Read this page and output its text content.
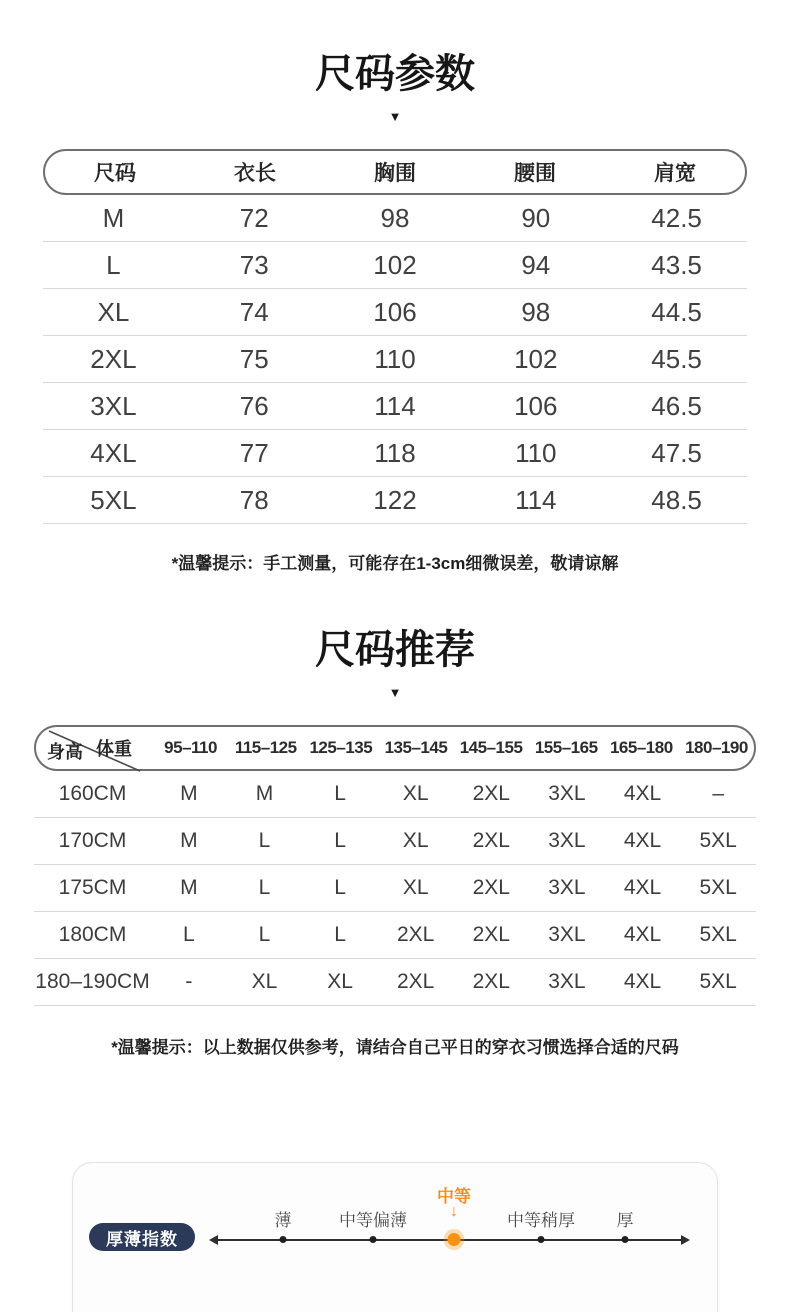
尺码参数
▼
尺码	衣长	胸围	腰围	肩宽
M	72	98	90	42.5
L	73	102	94	43.5
XL	74	106	98	44.5
2XL	75	110	102	45.5
3XL	76	114	106	46.5
4XL	77	118	110	47.5
5XL	78	122	114	48.5

*温馨提示：手工测量，可能存在1-3cm细微误差，敬请谅解

尺码推荐
▼
体重
身高	95–110	115–125 125–135 135–145 145–155 155–165 165–180 180–190
160CM	M	M	L	XL	2XL	3XL	4XL	–
170CM	M	L	L	XL	2XL	3XL	4XL	5XL
175CM	M	L	L	XL	2XL	3XL	4XL	5XL
180CM	L	L	L	2XL	2XL	3XL	4XL	5XL
180–190CM	-	XL	XL	2XL	2XL	3XL	4XL	5XL

*温馨提示：以上数据仅供参考，请结合自己平日的穿衣习惯选择合适的尺码

厚薄指数
薄	中等偏薄
中等
↓	中等稍厚 厚
